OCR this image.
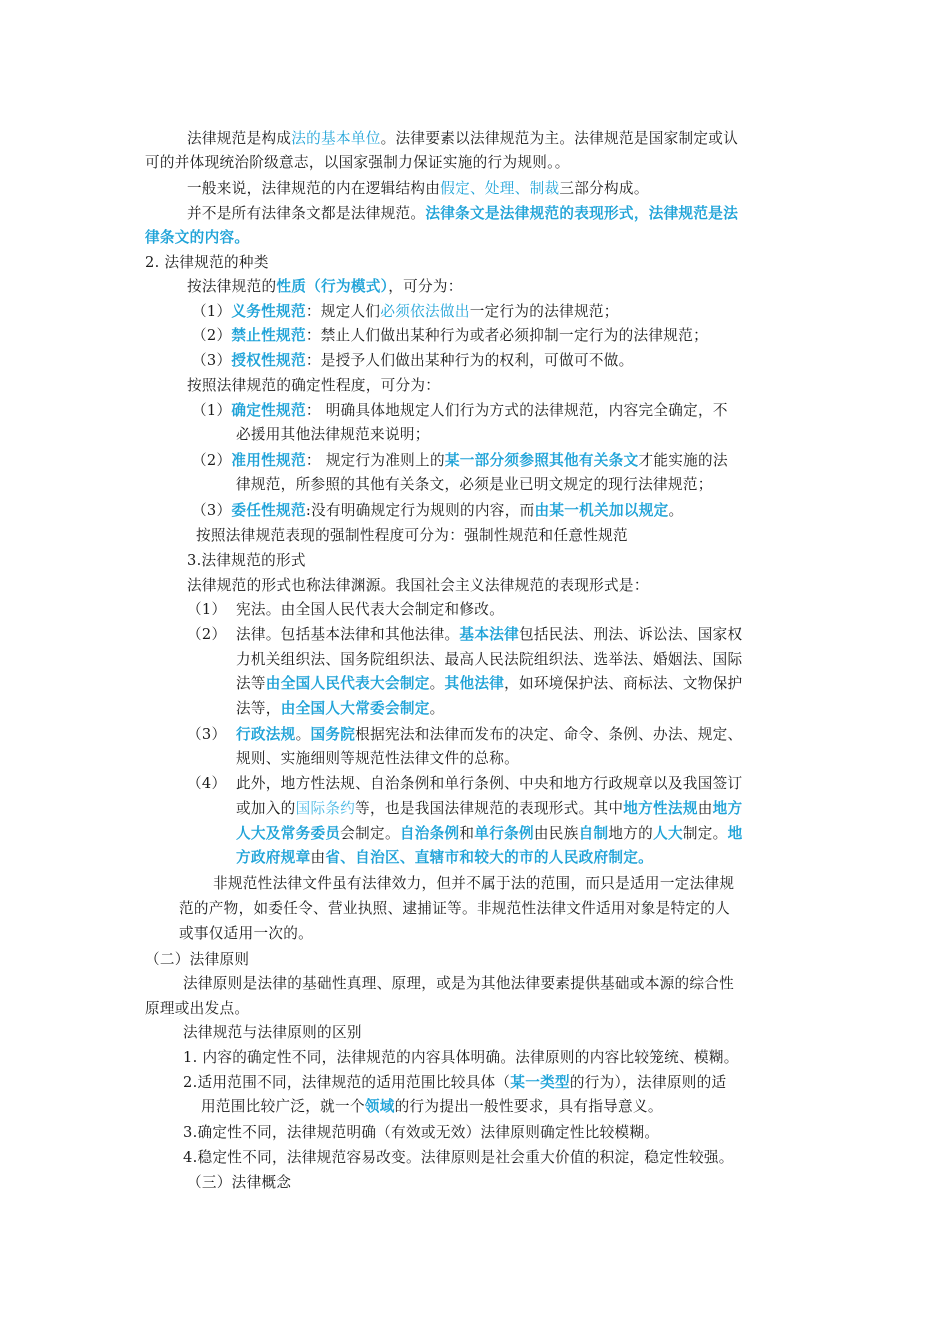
法律规范是构成法的基本单位。法律要素以法律规范为主。法律规范是国家制定或认
可的并体现统治阶级意志，以国家强制力保证实施的行为规则。。
一般来说，法律规范的内在逻辑结构由假定、处理、制裁三部分构成。
并不是所有法律条文都是法律规范。法律条文是法律规范的表现形式，法律规范是法
律条文的内容。
2. 法律规范的种类
按法律规范的性质（行为模式），可分为：
（1）义务性规范：规定人们必须依法做出一定行为的法律规范；
（2）禁止性规范：禁止人们做出某种行为或者必须抑制一定行为的法律规范；
（3）授权性规范：是授予人们做出某种行为的权利，可做可不做。
按照法律规范的确定性程度，可分为：
（1）确定性规范： 明确具体地规定人们行为方式的法律规范，内容完全确定，不
必援用其他法律规范来说明；
（2）准用性规范： 规定行为准则上的某一部分须参照其他有关条文才能实施的法
律规范，所参照的其他有关条文，必须是业已明文规定的现行法律规范；
（3）委任性规范:没有明确规定行为规则的内容，而由某一机关加以规定。
按照法律规范表现的强制性程度可分为：强制性规范和任意性规范
3.法律规范的形式
法律规范的形式也称法律渊源。我国社会主义法律规范的表现形式是：
（1） 宪法。由全国人民代表大会制定和修改。
（2） 法律。包括基本法律和其他法律。基本法律包括民法、刑法、诉讼法、国家权
力机关组织法、国务院组织法、最高人民法院组织法、选举法、婚姻法、国际
法等由全国人民代表大会制定。其他法律，如环境保护法、商标法、文物保护
法等，由全国人大常委会制定。
（3） 行政法规。国务院根据宪法和法律而发布的决定、命令、条例、办法、规定、
规则、实施细则等规范性法律文件的总称。
（4） 此外，地方性法规、自治条例和单行条例、中央和地方行政规章以及我国签订
或加入的国际条约等，也是我国法律规范的表现形式。其中地方性法规由地方
人大及常务委员会制定。自治条例和单行条例由民族自制地方的人大制定。地
方政府规章由省、自治区、直辖市和较大的市的人民政府制定。
非规范性法律文件虽有法律效力，但并不属于法的范围，而只是适用一定法律规
范的产物，如委任令、营业执照、逮捕证等。非规范性法律文件适用对象是特定的人
或事仅适用一次的。
（二）法律原则
法律原则是法律的基础性真理、原理，或是为其他法律要素提供基础或本源的综合性
原理或出发点。
法律规范与法律原则的区别
1. 内容的确定性不同，法律规范的内容具体明确。法律原则的内容比较笼统、模糊。
2.适用范围不同，法律规范的适用范围比较具体（某一类型的行为），法律原则的适
用范围比较广泛，就一个领域的行为提出一般性要求，具有指导意义。
3.确定性不同，法律规范明确（有效或无效）法律原则确定性比较模糊。
4.稳定性不同，法律规范容易改变。法律原则是社会重大价值的积淀，稳定性较强。
（三）法律概念
